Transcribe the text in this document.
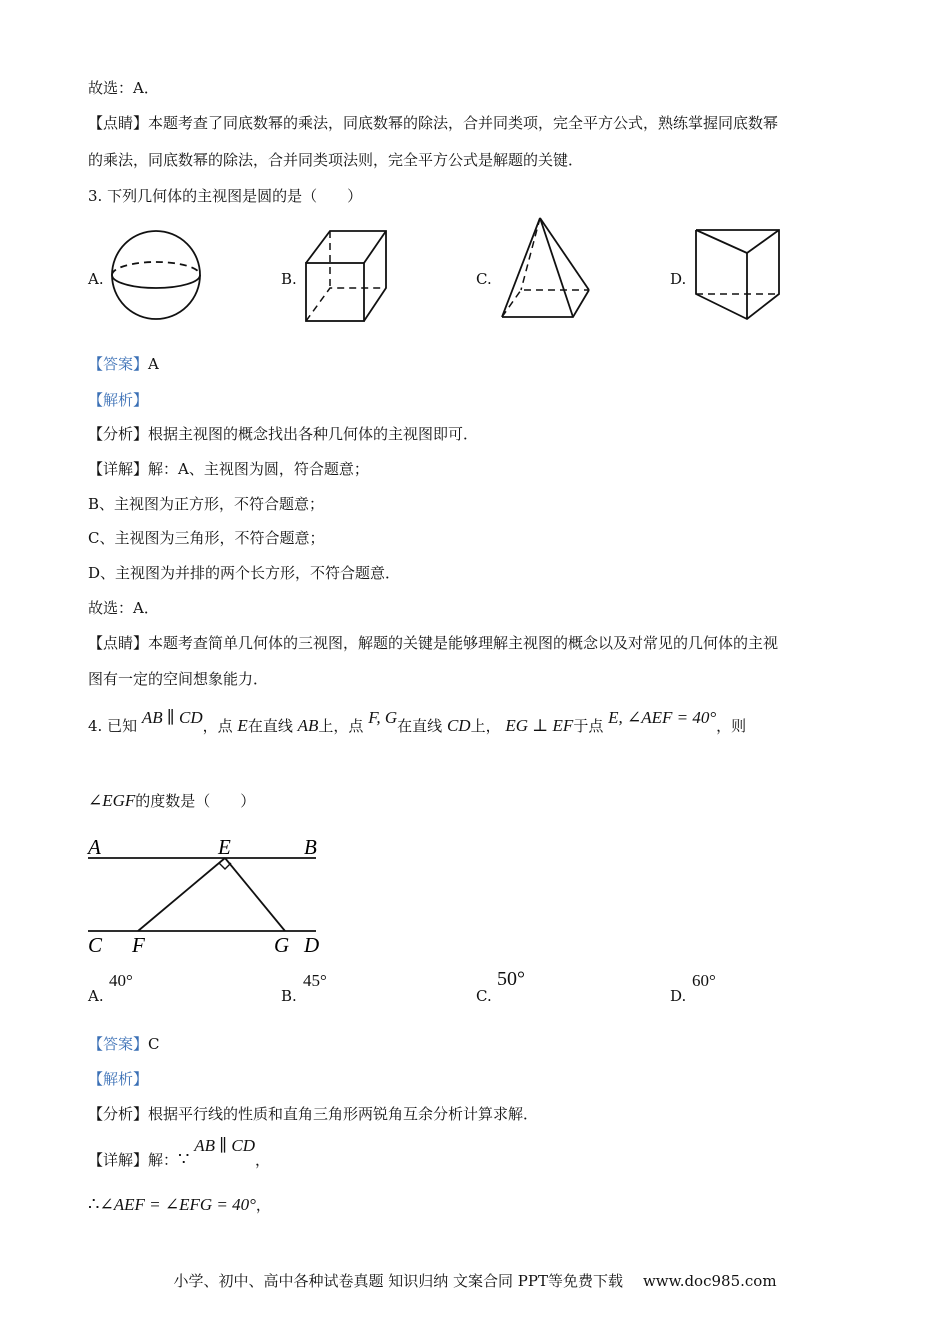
故选：A．
【点睛】本题考查了同底数幂的乘法，同底数幂的除法，合并同类项，完全平方公式，熟练掌握同底数幂
的乘法，同底数幂的除法，合并同类项法则，完全平方公式是解题的关键．
3. 下列几何体的主视图是圆的是（　　）
A.	B.	C.	D.
【答案】A
【解析】
【分析】根据主视图的概念找出各种几何体的主视图即可．
【详解】解：A、主视图为圆，符合题意；
B、主视图为正方形，不符合题意；
C、主视图为三角形，不符合题意；
D、主视图为并排的两个长方形，不符合题意．
故选：A．
【点睛】本题考查简单几何体的三视图，解题的关键是能够理解主视图的概念以及对常见的几何体的主视
图有一定的空间想象能力．
4. 已知 AB ∥ CD，点 E在直线 AB上，点 F, G在直线 CD上， EG ⊥ EF于点 E, ∠AEF = 40°，则
∠EGF的度数是（　　）
A	E	B
C F	G D
A.
40°
B.
45°
C.
50°
D.
60°
【答案】C
【解析】
【分析】根据平行线的性质和直角三角形两锐角互余分析计算求解．
【详解】解：∵ AB ∥ CD，
∴∠AEF = ∠EFG = 40°，
小学、初中、高中各种试卷真题 知识归纳 文案合同 PPT等免费下载 www.doc985.com
